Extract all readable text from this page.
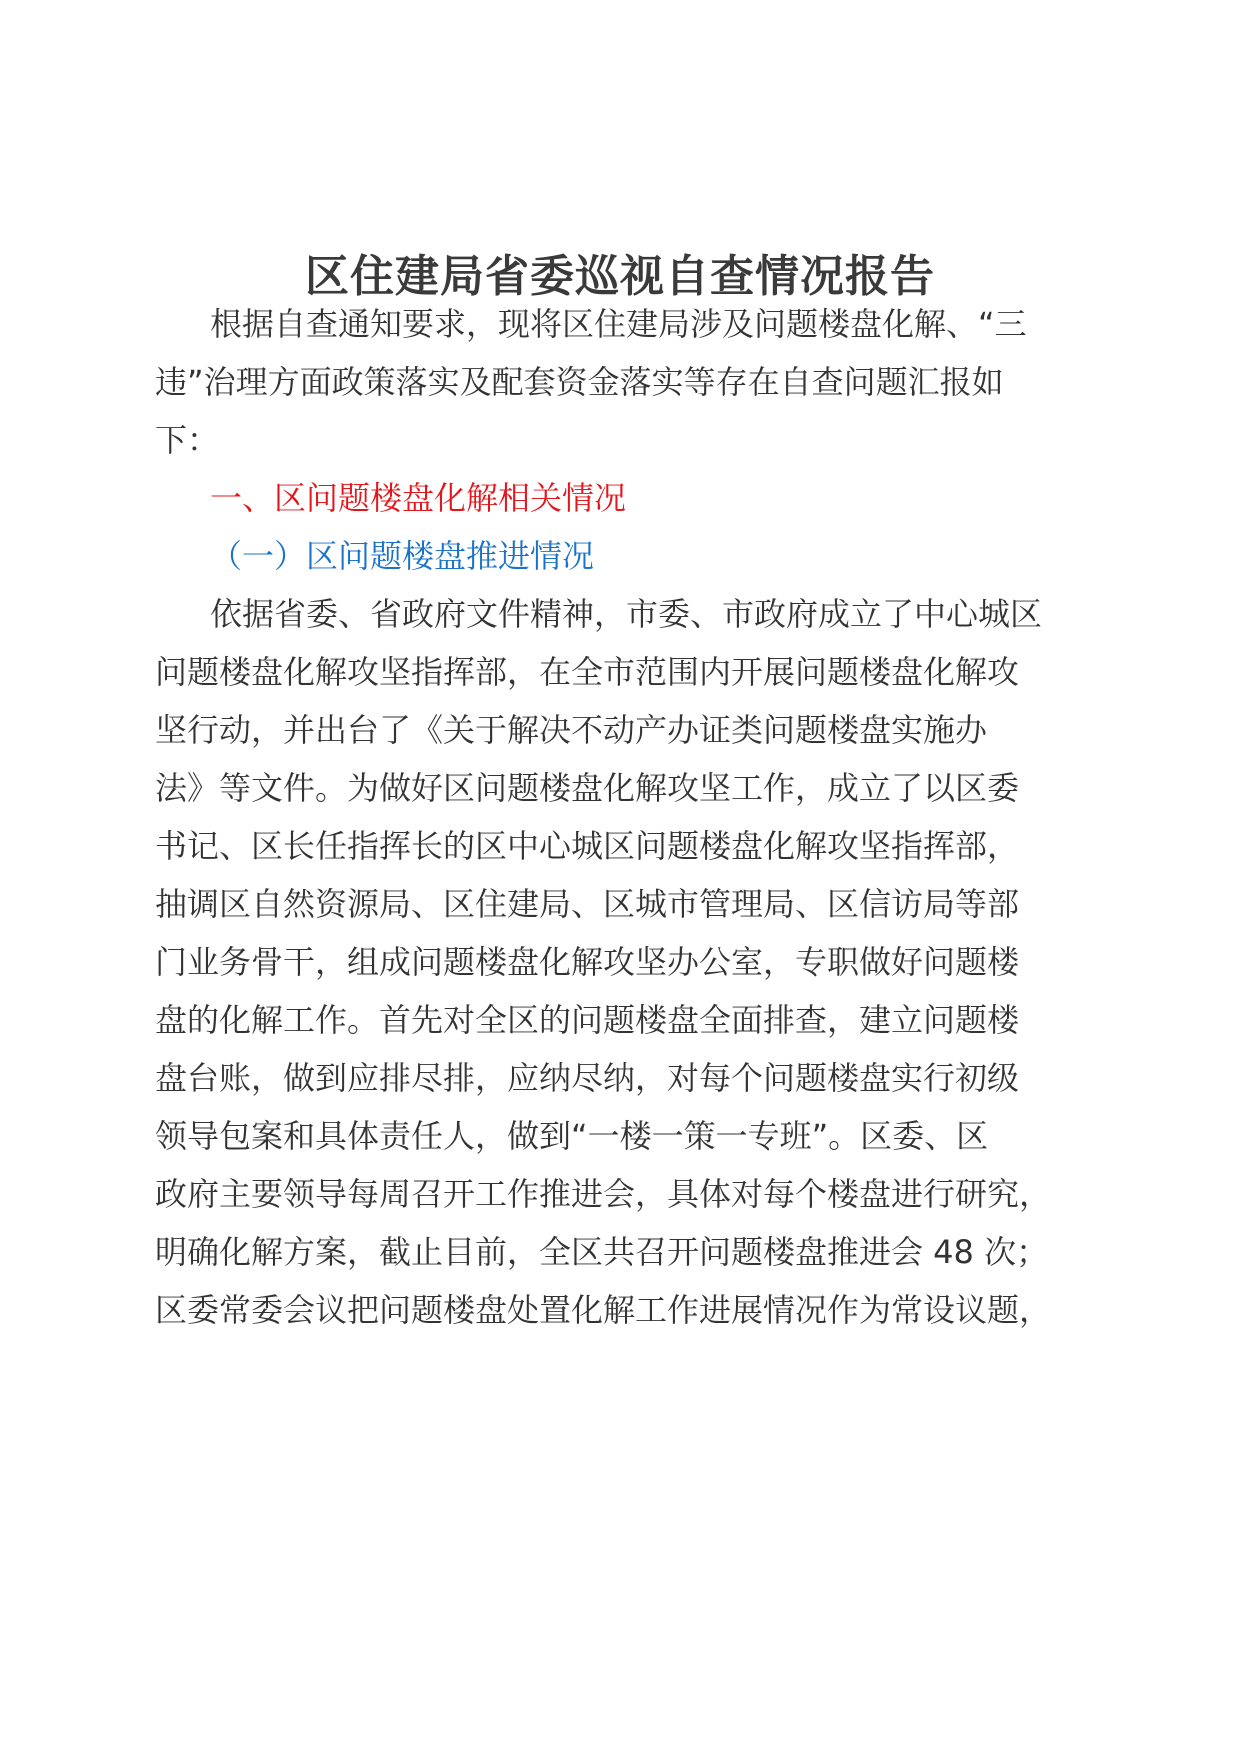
区住建局省委巡视自查情况报告

根据自查通知要求，现将区住建局涉及问题楼盘化解、“三

违”治理方面政策落实及配套资金落实等存在自查问题汇报如

下：

一、区问题楼盘化解相关情况

（一）区问题楼盘推进情况

依据省委、省政府文件精神，市委、市政府成立了中心城区

问题楼盘化解攻坚指挥部，在全市范围内开展问题楼盘化解攻

坚行动，并出台了《关于解决不动产办证类问题楼盘实施办

法》等文件。为做好区问题楼盘化解攻坚工作，成立了以区委

书记、区长任指挥长的区中心城区问题楼盘化解攻坚指挥部，

抽调区自然资源局、区住建局、区城市管理局、区信访局等部

门业务骨干，组成问题楼盘化解攻坚办公室，专职做好问题楼

盘的化解工作。首先对全区的问题楼盘全面排查，建立问题楼

盘台账，做到应排尽排，应纳尽纳，对每个问题楼盘实行初级

领导包案和具体责任人，做到“一楼一策一专班”。区委、区

政府主要领导每周召开工作推进会，具体对每个楼盘进行研究，

明确化解方案，截止目前，全区共召开问题楼盘推进会 48 次；

区委常委会议把问题楼盘处置化解工作进展情况作为常设议题，
